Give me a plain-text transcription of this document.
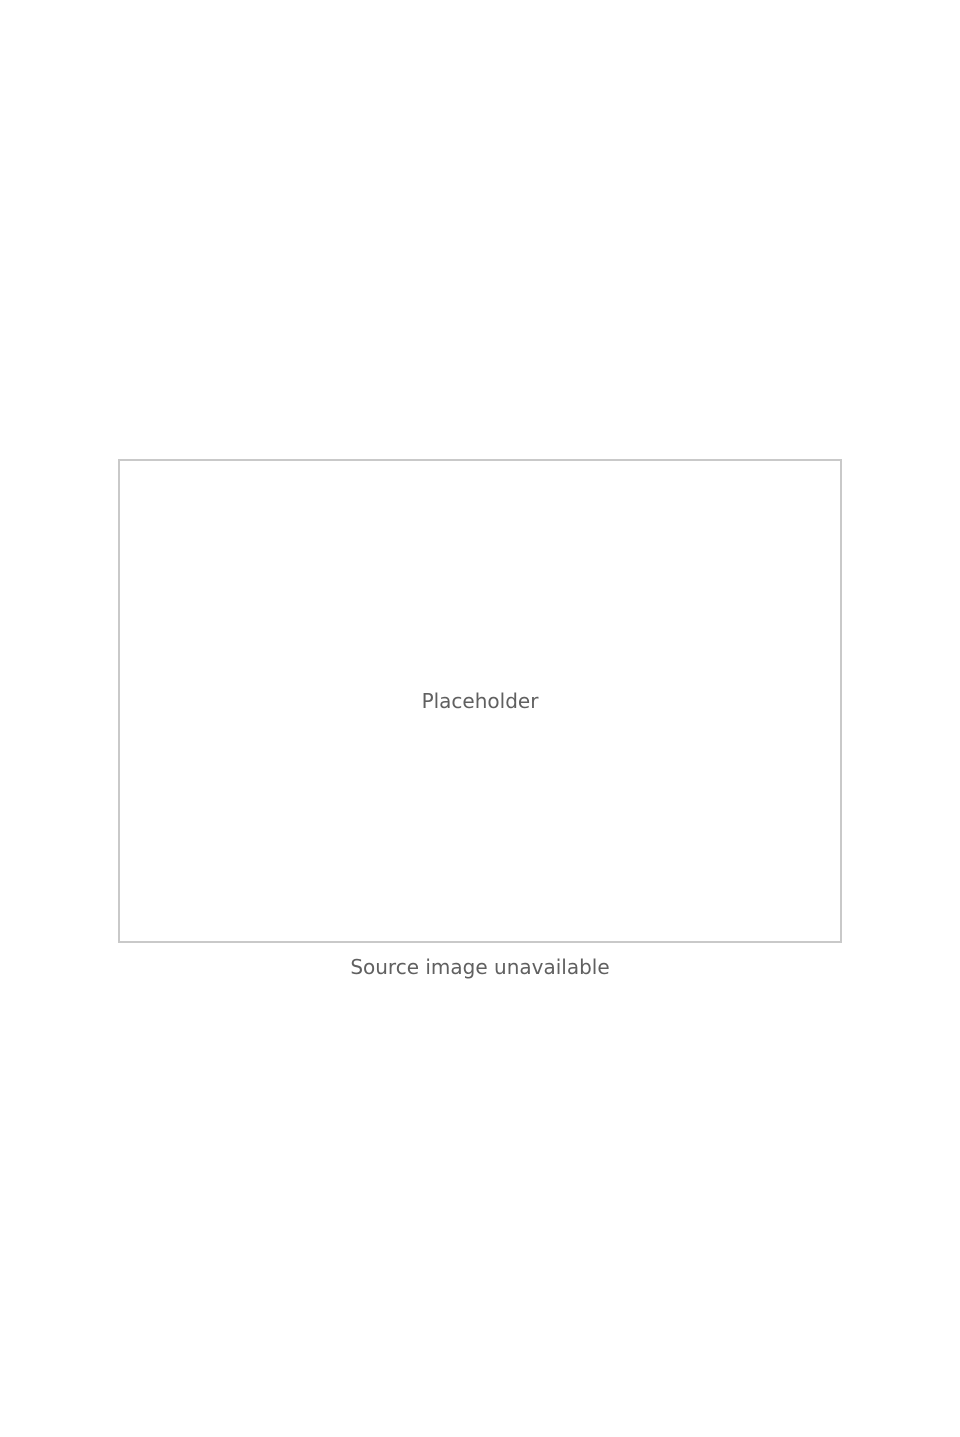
Placeholder
Source image unavailable
